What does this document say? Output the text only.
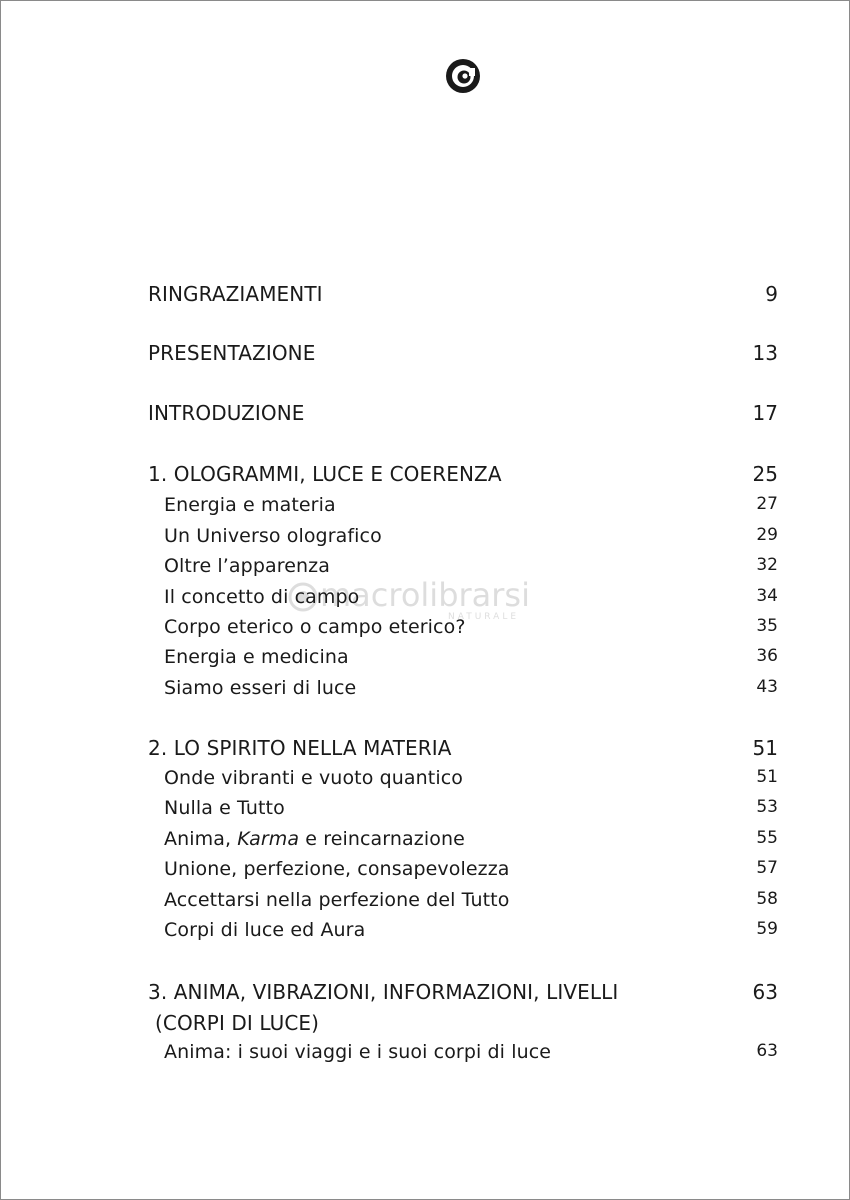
macrolibrarsi
NATURALE
RINGRAZIAMENTI	9
PRESENTAZIONE	13
INTRODUZIONE	17
1. OLOGRAMMI, LUCE E COERENZA	25
Energia e materia	27
Un Universo olografico	29
Oltre l’apparenza	32
Il concetto di campo	34
Corpo eterico o campo eterico?	35
Energia e medicina	36
Siamo esseri di luce	43
2. LO SPIRITO NELLA MATERIA	51
Onde vibranti e vuoto quantico	51
Nulla e Tutto	53
Anima, Karma e reincarnazione	55
Unione, perfezione, consapevolezza	57
Accettarsi nella perfezione del Tutto	58
Corpi di luce ed Aura	59
3. ANIMA, VIBRAZIONI, INFORMAZIONI, LIVELLI	63
(CORPI DI LUCE)
Anima: i suoi viaggi e i suoi corpi di luce	63
